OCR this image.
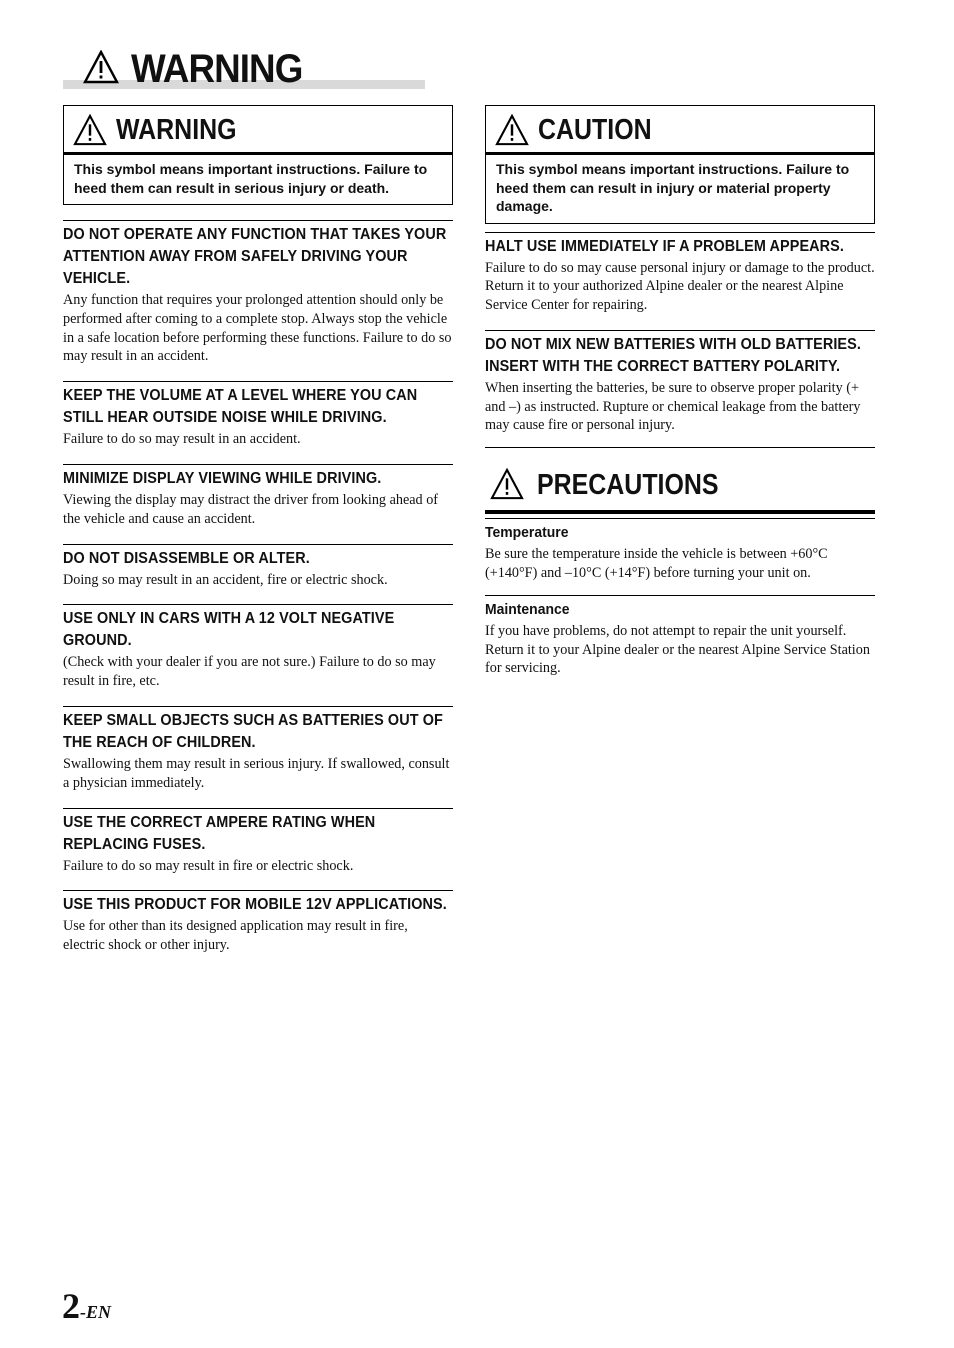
WARNING
WARNING
This symbol means important instructions. Failure to heed them can result in serious injury or death.
DO NOT OPERATE ANY FUNCTION THAT TAKES YOUR ATTENTION AWAY FROM SAFELY DRIVING YOUR VEHICLE.

Any function that requires your prolonged attention should only be performed after coming to a complete stop. Always stop the vehicle in a safe location before performing these functions. Failure to do so may result in an accident.

KEEP THE VOLUME AT A LEVEL WHERE YOU CAN STILL HEAR OUTSIDE NOISE WHILE DRIVING.

Failure to do so may result in an accident.

MINIMIZE DISPLAY VIEWING WHILE DRIVING.

Viewing the display may distract the driver from looking ahead of the vehicle and cause an accident.

DO NOT DISASSEMBLE OR ALTER.

Doing so may result in an accident, fire or electric shock.

USE ONLY IN CARS WITH A 12 VOLT NEGATIVE GROUND.

(Check with your dealer if you are not sure.) Failure to do so may result in fire, etc.

KEEP SMALL OBJECTS SUCH AS BATTERIES OUT OF THE REACH OF CHILDREN.

Swallowing them may result in serious injury. If swallowed, consult a physician immediately.

USE THE CORRECT AMPERE RATING WHEN REPLACING FUSES.

Failure to do so may result in fire or electric shock.

USE THIS PRODUCT FOR MOBILE 12V APPLICATIONS.

Use for other than its designed application may result in fire, electric shock or other injury.

CAUTION
This symbol means important instructions. Failure to heed them can result in injury or material property damage.
HALT USE IMMEDIATELY IF A PROBLEM APPEARS.

Failure to do so may cause personal injury or damage to the product. Return it to your authorized Alpine dealer or the nearest Alpine Service Center for repairing.

DO NOT MIX NEW BATTERIES WITH OLD BATTERIES. INSERT WITH THE CORRECT BATTERY POLARITY.

When inserting the batteries, be sure to observe proper polarity (+ and –) as instructed. Rupture or chemical leakage from the battery may cause fire or personal injury.

PRECAUTIONS
Temperature

Be sure the temperature inside the vehicle is between +60°C (+140°F) and –10°C (+14°F) before turning your unit on.

Maintenance

If you have problems, do not attempt to repair the unit yourself. Return it to your Alpine dealer or the nearest Alpine Service Station for servicing.

2-EN
